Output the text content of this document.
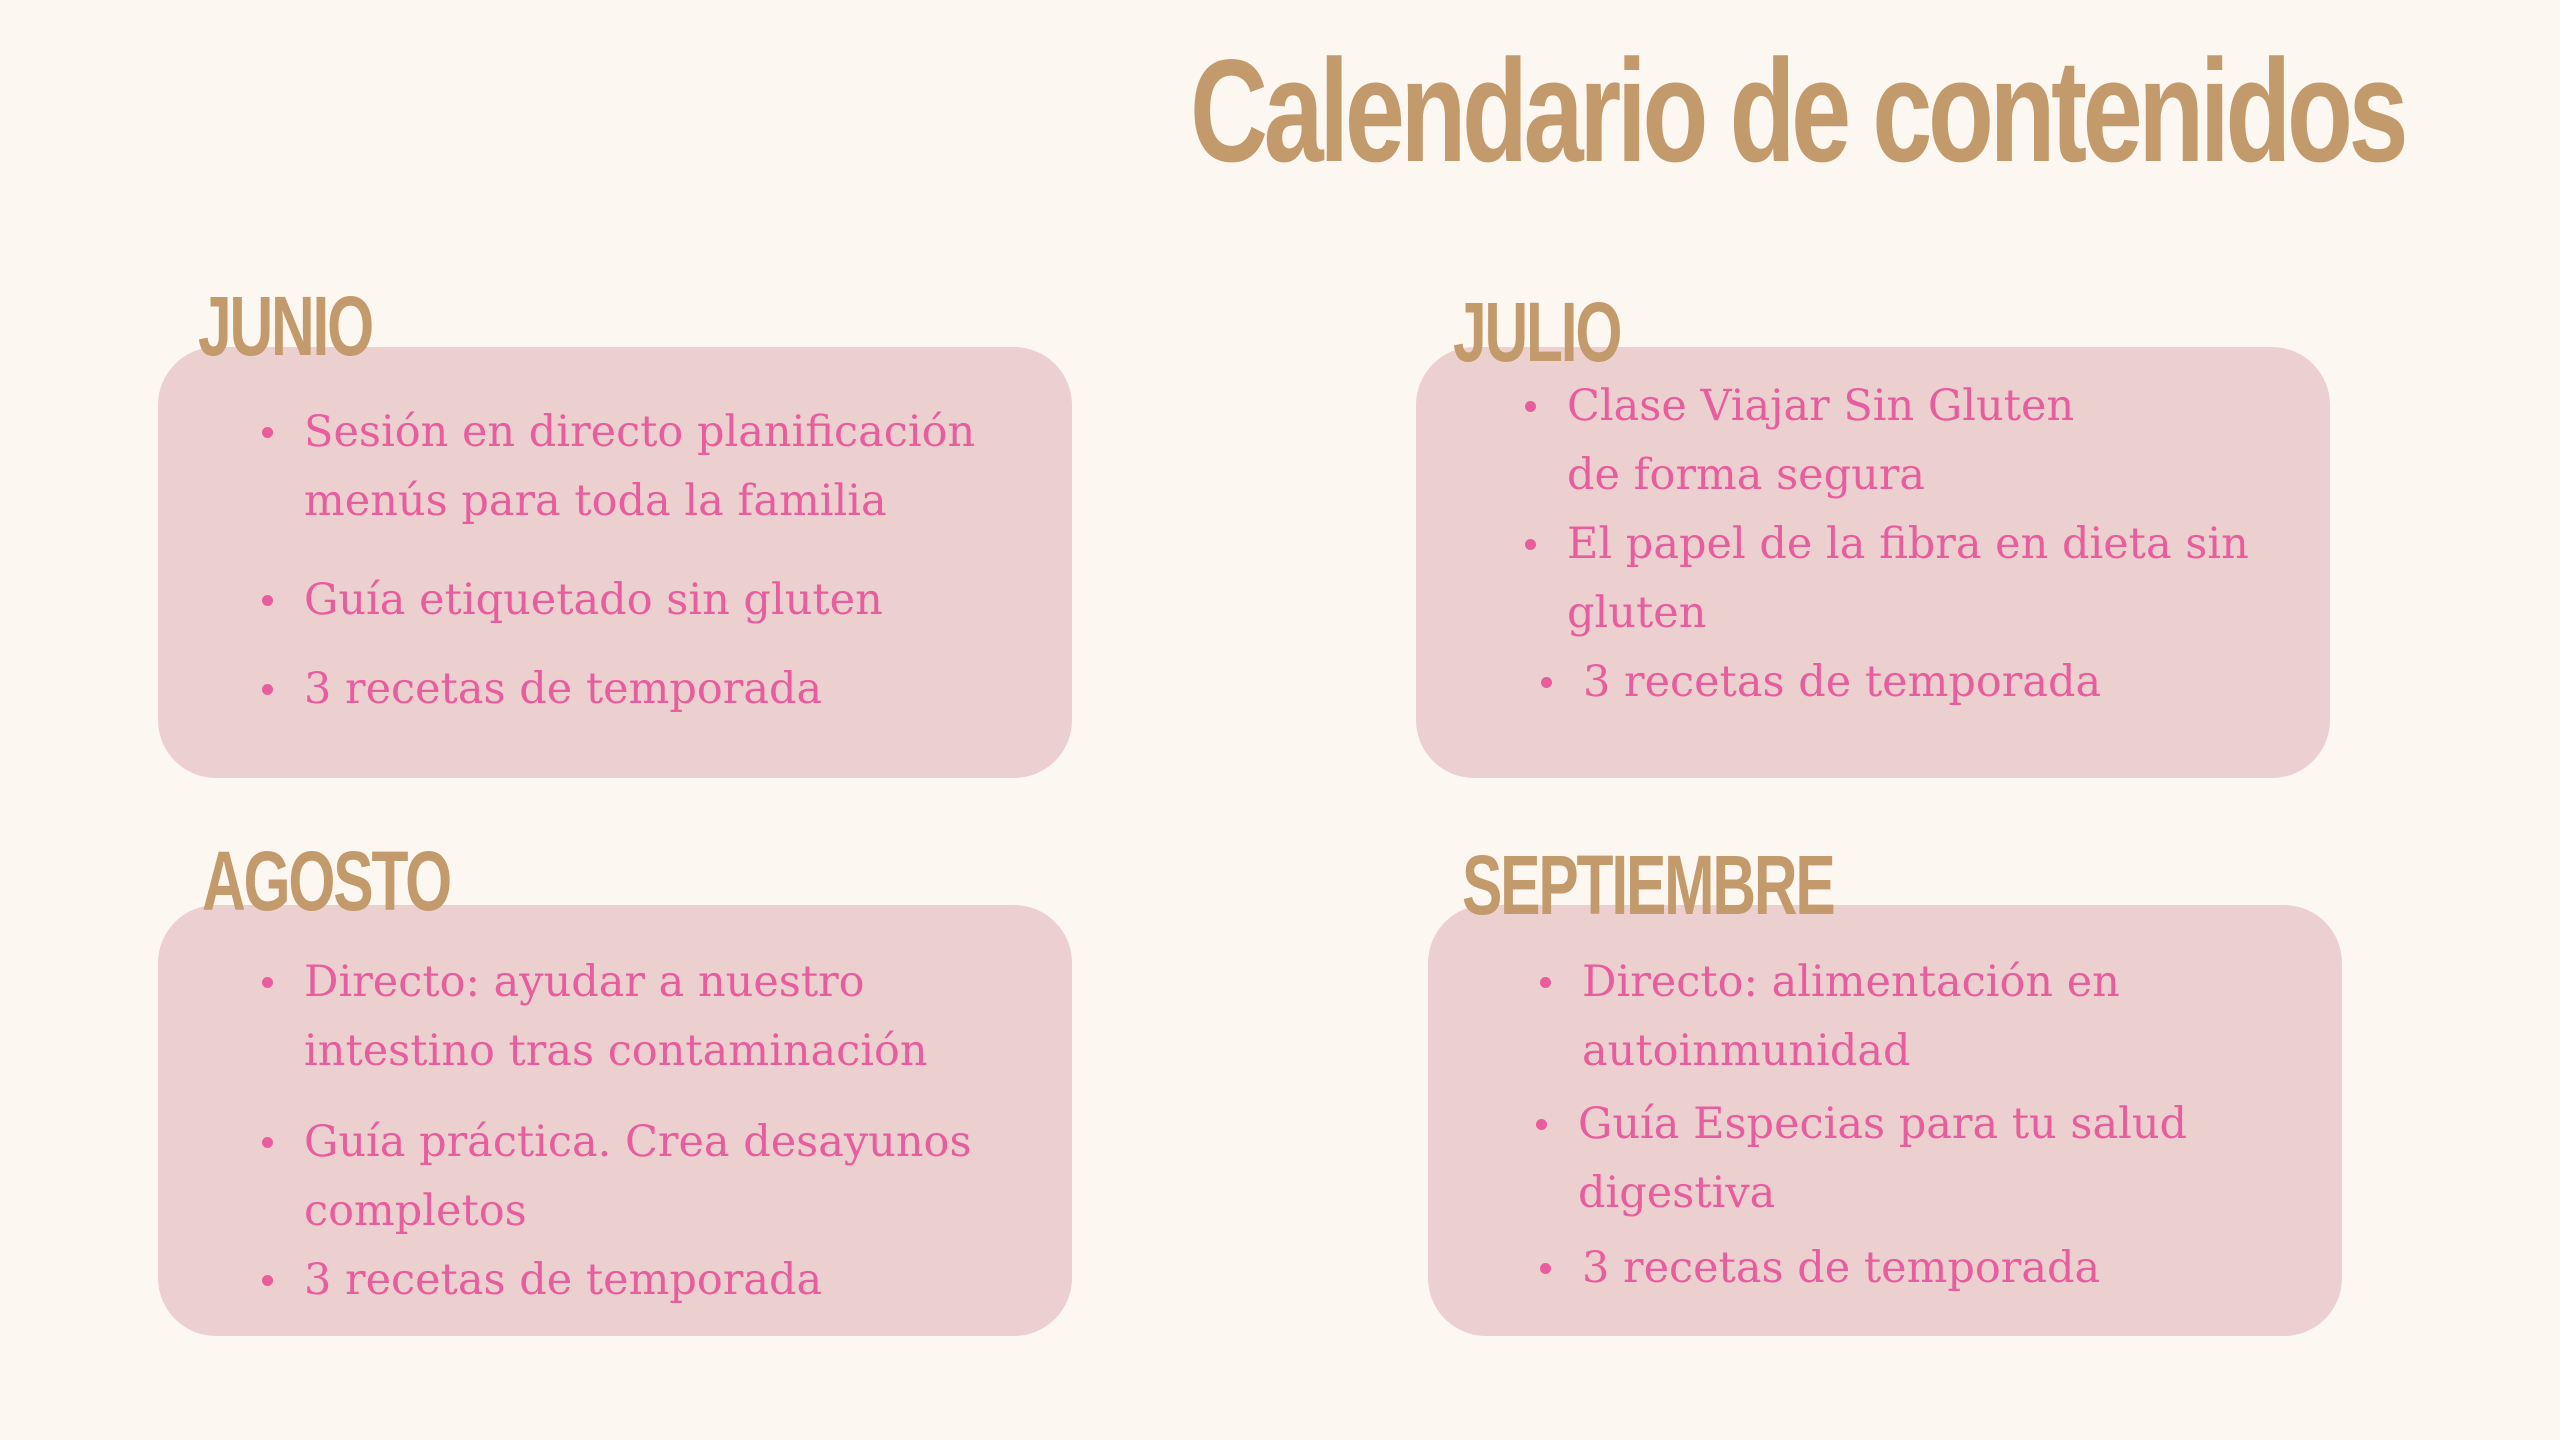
Calendario de contenidos
JUNIO
Sesión en directo planificación menús para toda la familia
Guía etiquetado sin gluten
3 recetas de temporada
JULIO
Clase Viajar Sin Gluten de forma segura
El papel de la fibra en dieta sin gluten
3 recetas de temporada
AGOSTO
Directo: ayudar a nuestro intestino tras contaminación
Guía práctica. Crea desayunos completos
3 recetas de temporada
SEPTIEMBRE
Directo: alimentación en autoinmunidad
Guía Especias para tu salud digestiva
3 recetas de temporada
